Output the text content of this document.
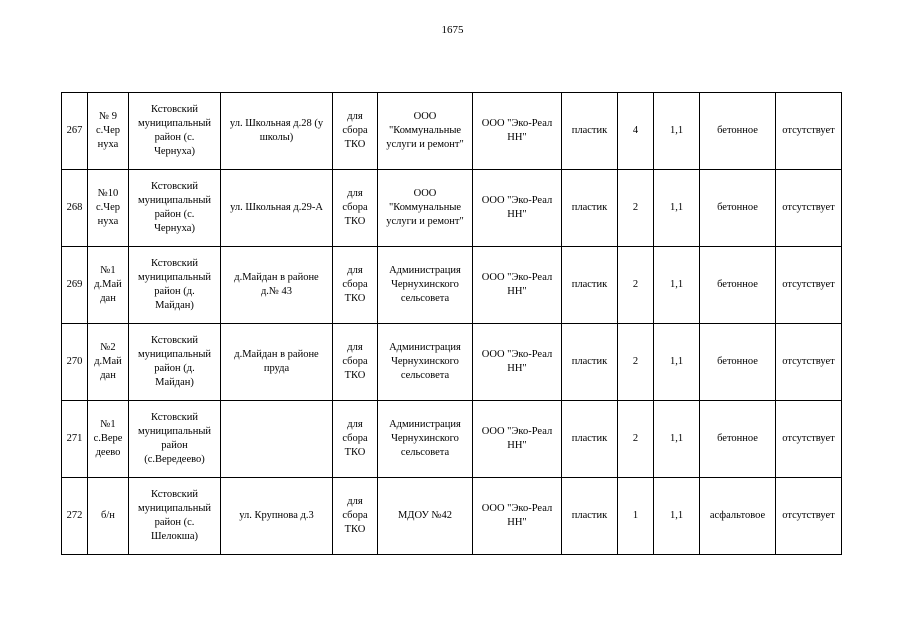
1675
267	№ 9
с.Чер
нуха	Кстовский
муниципальный
район (с.
Чернуха)	ул. Школьная д.28 (у
школы)	для
сбора
ТКО	ООО
"Коммунальные
услуги и ремонт"	ООО "Эко-Реал
НН"	пластик	4	1,1	бетонное	отсутствует
268	№10
с.Чер
нуха	Кстовский
муниципальный
район (с.
Чернуха)	ул. Школьная д.29-А	для
сбора
ТКО	ООО
"Коммунальные
услуги и ремонт"	ООО "Эко-Реал
НН"	пластик	2	1,1	бетонное	отсутствует
269	№1
д.Май
дан	Кстовский
муниципальный
район (д.
Майдан)	д.Майдан в районе
д.№ 43	для
сбора
ТКО	Администрация
Чернухинского
сельсовета	ООО "Эко-Реал
НН"	пластик	2	1,1	бетонное	отсутствует
270	№2
д.Май
дан	Кстовский
муниципальный
район (д.
Майдан)	д.Майдан в районе
пруда	для
сбора
ТКО	Администрация
Чернухинского
сельсовета	ООО "Эко-Реал
НН"	пластик	2	1,1	бетонное	отсутствует
271	№1
с.Вере
деево	Кстовский
муниципальный
район
(с.Вередеево)		для
сбора
ТКО	Администрация
Чернухинского
сельсовета	ООО "Эко-Реал
НН"	пластик	2	1,1	бетонное	отсутствует
272	б/н	Кстовский
муниципальный
район (с.
Шелокша)	ул. Крупнова д.3	для
сбора
ТКО	МДОУ №42	ООО "Эко-Реал
НН"	пластик	1	1,1	асфальтовое	отсутствует
